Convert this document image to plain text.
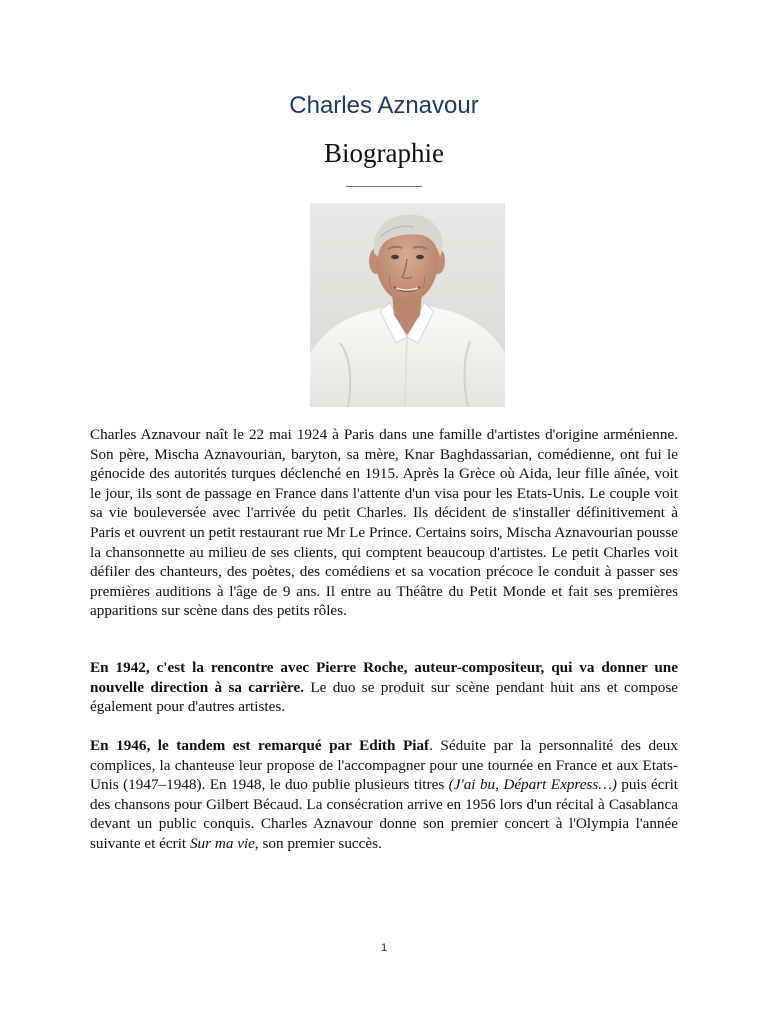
Charles Aznavour
Biographie

Charles Aznavour naît le 22 mai 1924 à Paris dans une famille d'artistes d'origine arménienne. Son père, Mischa Aznavourian, baryton, sa mère, Knar Baghdassarian, comédienne, ont fui le génocide des autorités turques déclenché en 1915. Après la Grèce où Aida, leur fille aînée, voit le jour, ils sont de passage en France dans l'attente d'un visa pour les Etats-Unis. Le couple voit sa vie bouleversée avec l'arrivée du petit Charles. Ils décident de s'installer définitivement à Paris et ouvrent un petit restaurant rue Mr Le Prince. Certains soirs, Mischa Aznavourian pousse la chansonnette au milieu de ses clients, qui comptent beaucoup d'artistes. Le petit Charles voit défiler des chanteurs, des poètes, des comédiens et sa vocation précoce le conduit à passer ses premières auditions à l'âge de 9 ans. Il entre au Théâtre du Petit Monde et fait ses premières apparitions sur scène dans des petits rôles.

En 1942, c'est la rencontre avec Pierre Roche, auteur-compositeur, qui va donner une nouvelle direction à sa carrière. Le duo se produit sur scène pendant huit ans et compose également pour d'autres artistes.

En 1946, le tandem est remarqué par Edith Piaf. Séduite par la personnalité des deux complices, la chanteuse leur propose de l'accompagner pour une tournée en France et aux Etats-Unis (1947–1948). En 1948, le duo publie plusieurs titres (J'ai bu, Départ Express…) puis écrit des chansons pour Gilbert Bécaud. La consécration arrive en 1956 lors d'un récital à Casablanca devant un public conquis. Charles Aznavour donne son premier concert à l'Olympia l'année suivante et écrit Sur ma vie, son premier succès.

1
